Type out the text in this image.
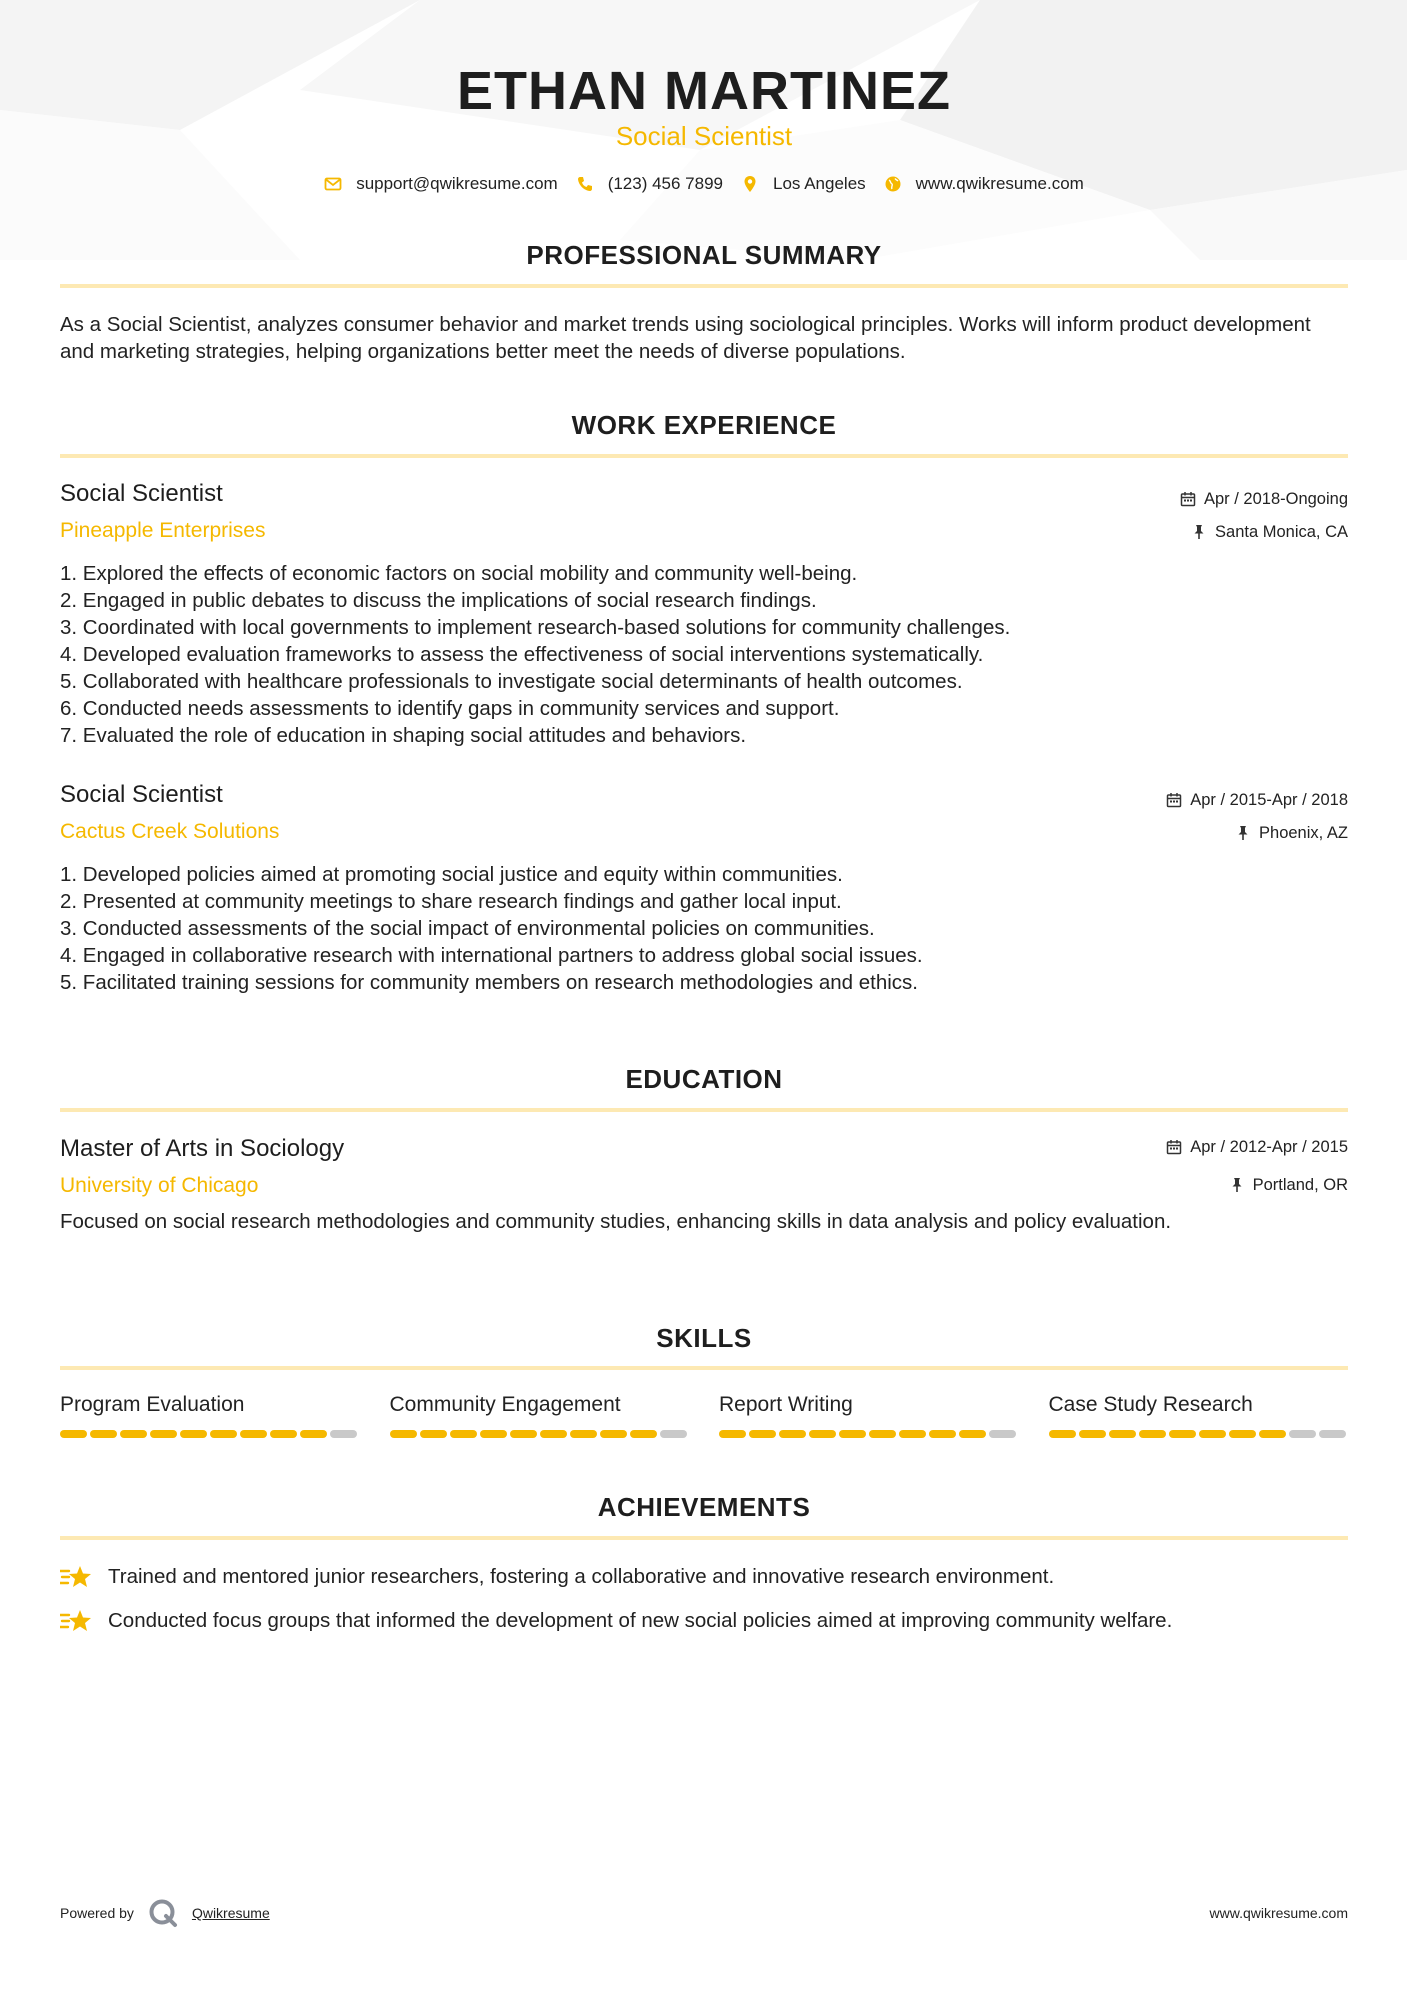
ETHAN MARTINEZ
Social Scientist
support@qwikresume.com	(123) 456 7899	Los Angeles	www.qwikresume.com
PROFESSIONAL SUMMARY
As a Social Scientist, analyzes consumer behavior and market trends using sociological principles. Works will inform product development and marketing strategies, helping organizations better meet the needs of diverse populations.
WORK EXPERIENCE
Social Scientist	Apr / 2018-Ongoing
Pineapple Enterprises	Santa Monica, CA
1. Explored the effects of economic factors on social mobility and community well-being.
2. Engaged in public debates to discuss the implications of social research findings.
3. Coordinated with local governments to implement research-based solutions for community challenges.
4. Developed evaluation frameworks to assess the effectiveness of social interventions systematically.
5. Collaborated with healthcare professionals to investigate social determinants of health outcomes.
6. Conducted needs assessments to identify gaps in community services and support.
7. Evaluated the role of education in shaping social attitudes and behaviors.
Social Scientist	Apr / 2015-Apr / 2018
Cactus Creek Solutions	Phoenix, AZ
1. Developed policies aimed at promoting social justice and equity within communities.
2. Presented at community meetings to share research findings and gather local input.
3. Conducted assessments of the social impact of environmental policies on communities.
4. Engaged in collaborative research with international partners to address global social issues.
5. Facilitated training sessions for community members on research methodologies and ethics.
EDUCATION
Master of Arts in Sociology	Apr / 2012-Apr / 2015
University of Chicago	Portland, OR
Focused on social research methodologies and community studies, enhancing skills in data analysis and policy evaluation.
SKILLS
Program Evaluation	Community Engagement	Report Writing	Case Study Research
ACHIEVEMENTS
Trained and mentored junior researchers, fostering a collaborative and innovative research environment.
Conducted focus groups that informed the development of new social policies aimed at improving community welfare.
Powered by	Qwikresume	www.qwikresume.com
